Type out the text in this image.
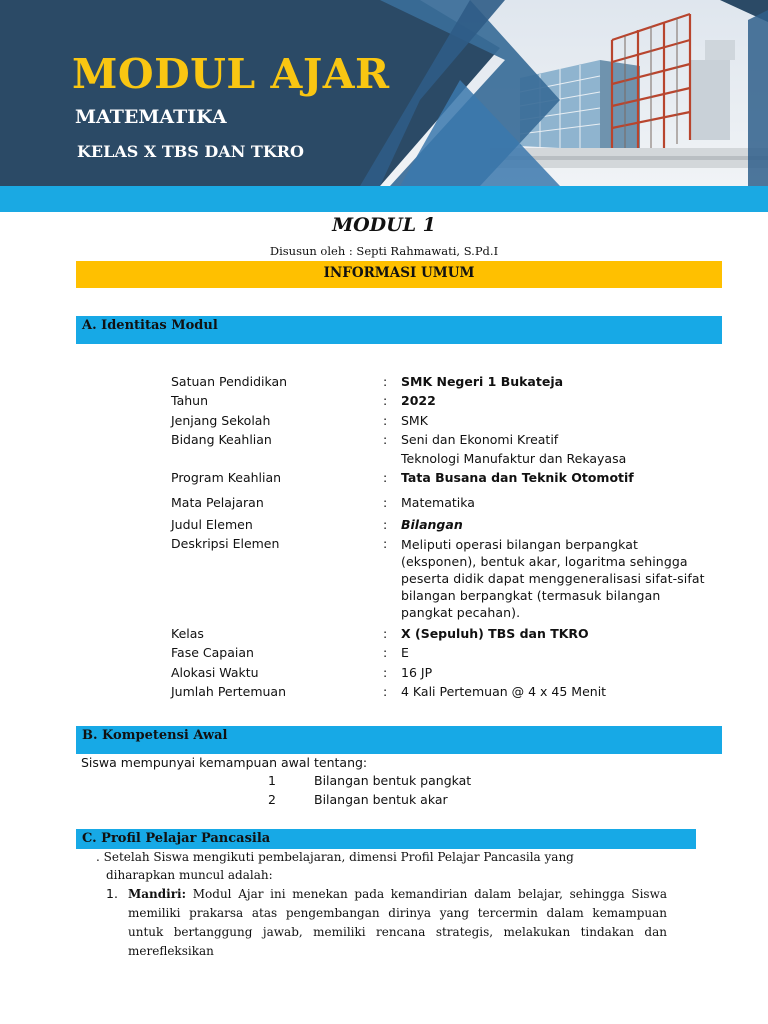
MODUL AJAR
MATEMATIKA
KELAS X TBS DAN TKRO
MODUL 1
Disusun oleh : Septi Rahmawati, S.Pd.I
INFORMASI UMUM
A. Identitas Modul
Satuan Pendidikan	: SMK Negeri 1 Bukateja
Tahun	: 2022
Jenjang Sekolah	: SMK
Bidang Keahlian	: Seni dan Ekonomi Kreatif
Teknologi Manufaktur dan Rekayasa
Program Keahlian	: Tata Busana dan Teknik Otomotif
Mata Pelajaran	: Matematika
Judul Elemen	: Bilangan
Deskripsi Elemen	: Meliputi operasi bilangan berpangkat (eksponen), bentuk akar, logaritma sehingga peserta didik dapat menggeneralisasi sifat-sifat bilangan berpangkat (termasuk bilangan pangkat pecahan).
Kelas	: X (Sepuluh) TBS dan TKRO
Fase Capaian	: E
Alokasi Waktu	: 16 JP
Jumlah Pertemuan	: 4 Kali Pertemuan @ 4 x 45 Menit
B. Kompetensi Awal
Siswa mempunyai kemampuan awal tentang:
1	Bilangan bentuk pangkat
2	Bilangan bentuk akar
C. Profil Pelajar Pancasila
. Setelah Siswa mengikuti pembelajaran, dimensi Profil Pelajar Pancasila yang
diharapkan muncul adalah:
1. Mandiri: Modul Ajar ini menekan pada kemandirian dalam belajar, sehingga Siswa memiliki prakarsa atas pengembangan dirinya yang tercermin dalam kemampuan untuk bertanggung jawab, memiliki rencana strategis, melakukan tindakan dan merefleksikan
